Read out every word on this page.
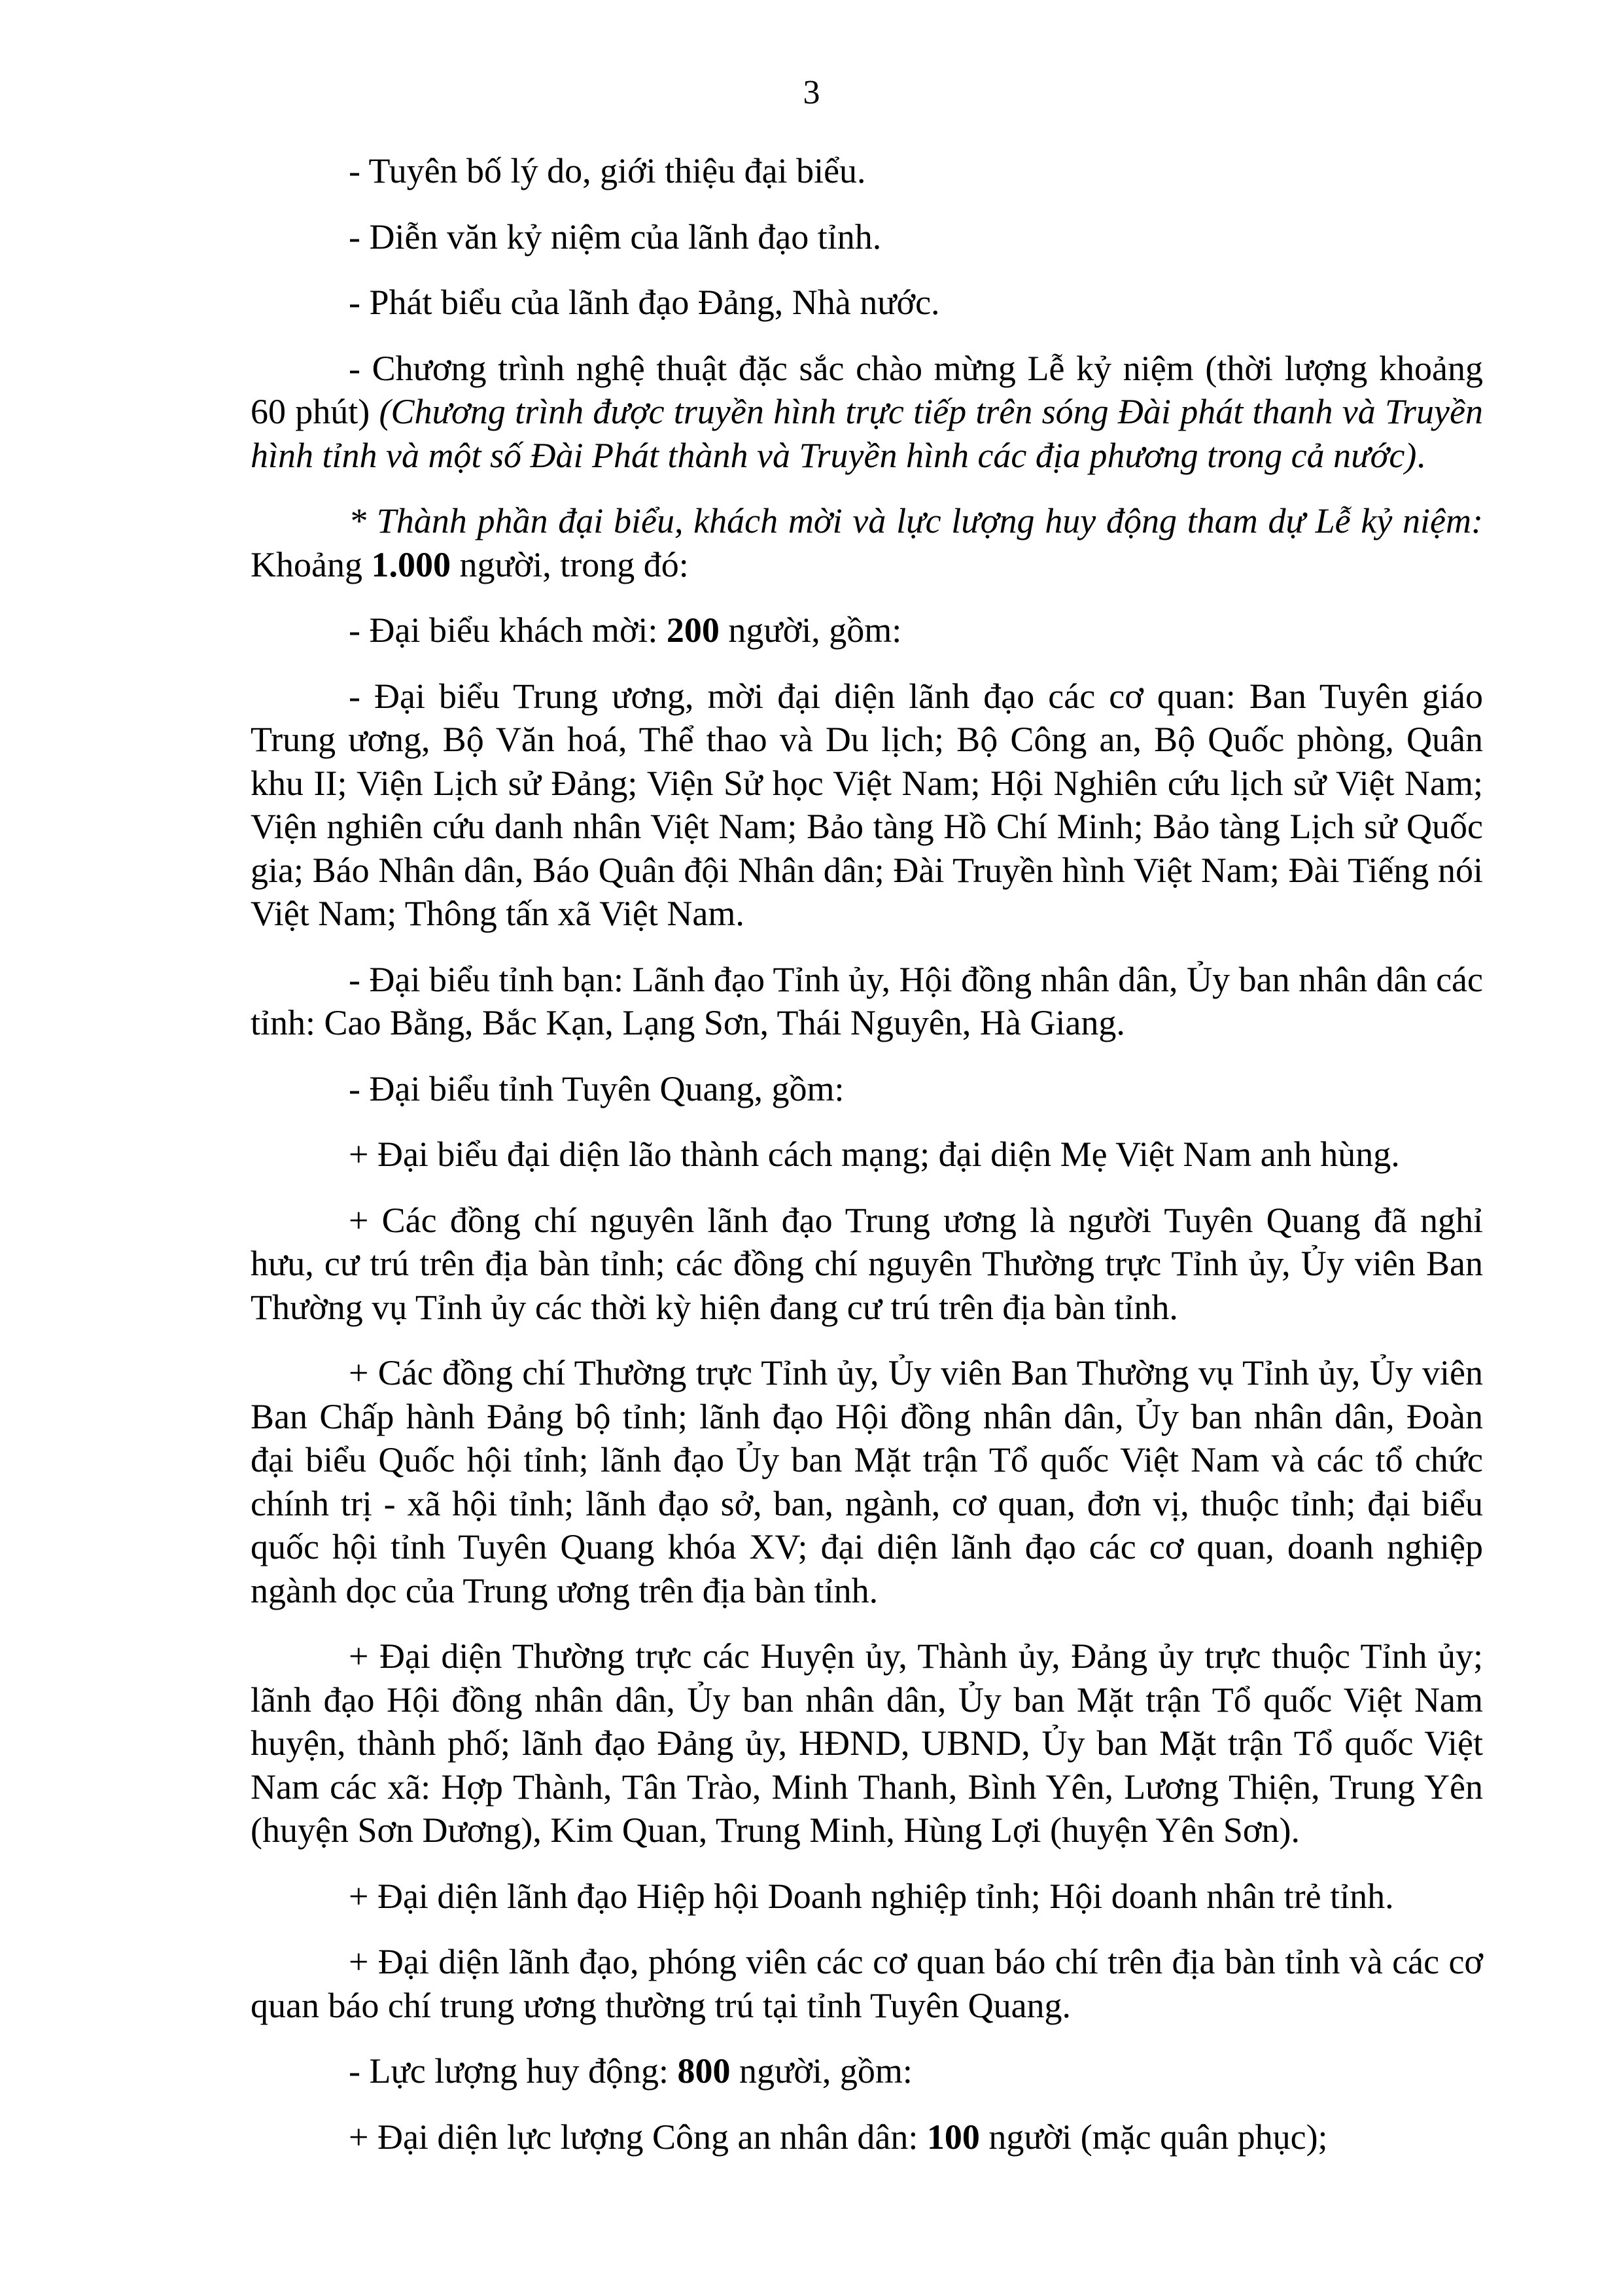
3

- Tuyên bố lý do, giới thiệu đại biểu.

- Diễn văn kỷ niệm của lãnh đạo tỉnh.

- Phát biểu của lãnh đạo Đảng, Nhà nước.

- Chương trình nghệ thuật đặc sắc chào mừng Lễ kỷ niệm (thời lượng khoảng 60 phút) (Chương trình được truyền hình trực tiếp trên sóng Đài phát thanh và Truyền hình tỉnh và một số Đài Phát thành và Truyền hình các địa phương trong cả nước).

* Thành phần đại biểu, khách mời và lực lượng huy động tham dự Lễ kỷ niệm: Khoảng 1.000 người, trong đó:

- Đại biểu khách mời: 200 người, gồm:

- Đại biểu Trung ương, mời đại diện lãnh đạo các cơ quan: Ban Tuyên giáo Trung ương, Bộ Văn hoá, Thể thao và Du lịch; Bộ Công an, Bộ Quốc phòng, Quân khu II; Viện Lịch sử Đảng; Viện Sử học Việt Nam; Hội Nghiên cứu lịch sử Việt Nam; Viện nghiên cứu danh nhân Việt Nam; Bảo tàng Hồ Chí Minh; Bảo tàng Lịch sử Quốc gia; Báo Nhân dân, Báo Quân đội Nhân dân; Đài Truyền hình Việt Nam; Đài Tiếng nói Việt Nam; Thông tấn xã Việt Nam.

- Đại biểu tỉnh bạn: Lãnh đạo Tỉnh ủy, Hội đồng nhân dân, Ủy ban nhân dân các tỉnh: Cao Bằng, Bắc Kạn, Lạng Sơn, Thái Nguyên, Hà Giang.

- Đại biểu tỉnh Tuyên Quang, gồm:

+ Đại biểu đại diện lão thành cách mạng; đại diện Mẹ Việt Nam anh hùng.

+ Các đồng chí nguyên lãnh đạo Trung ương là người Tuyên Quang đã nghỉ hưu, cư trú trên địa bàn tỉnh; các đồng chí nguyên Thường trực Tỉnh ủy, Ủy viên Ban Thường vụ Tỉnh ủy các thời kỳ hiện đang cư trú trên địa bàn tỉnh.

+ Các đồng chí Thường trực Tỉnh ủy, Ủy viên Ban Thường vụ Tỉnh ủy, Ủy viên Ban Chấp hành Đảng bộ tỉnh; lãnh đạo Hội đồng nhân dân, Ủy ban nhân dân, Đoàn đại biểu Quốc hội tỉnh; lãnh đạo Ủy ban Mặt trận Tổ quốc Việt Nam và các tổ chức chính trị - xã hội tỉnh; lãnh đạo sở, ban, ngành, cơ quan, đơn vị, thuộc tỉnh; đại biểu quốc hội tỉnh Tuyên Quang khóa XV; đại diện lãnh đạo các cơ quan, doanh nghiệp ngành dọc của Trung ương trên địa bàn tỉnh.

+ Đại diện Thường trực các Huyện ủy, Thành ủy, Đảng ủy trực thuộc Tỉnh ủy; lãnh đạo Hội đồng nhân dân, Ủy ban nhân dân, Ủy ban Mặt trận Tổ quốc Việt Nam huyện, thành phố; lãnh đạo Đảng ủy, HĐND, UBND, Ủy ban Mặt trận Tổ quốc Việt Nam các xã: Hợp Thành, Tân Trào, Minh Thanh, Bình Yên, Lương Thiện, Trung Yên (huyện Sơn Dương), Kim Quan, Trung Minh, Hùng Lợi (huyện Yên Sơn).

+ Đại diện lãnh đạo Hiệp hội Doanh nghiệp tỉnh; Hội doanh nhân trẻ tỉnh.

+ Đại diện lãnh đạo, phóng viên các cơ quan báo chí trên địa bàn tỉnh và các cơ quan báo chí trung ương thường trú tại tỉnh Tuyên Quang.

- Lực lượng huy động: 800 người, gồm:

+ Đại diện lực lượng Công an nhân dân: 100 người (mặc quân phục);
